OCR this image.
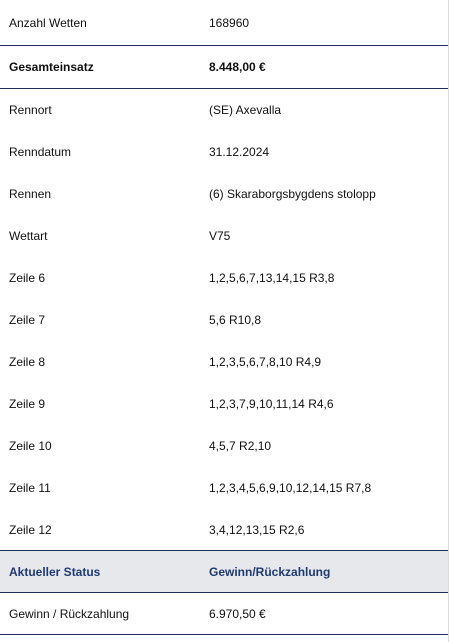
Anzahl Wetten	168960
Gesamteinsatz	8.448,00 €
Rennort	(SE) Axevalla
Renndatum	31.12.2024
Rennen	(6) Skaraborgsbygdens stolopp
Wettart	V75
Zeile 6	1,2,5,6,7,13,14,15 R3,8
Zeile 7	5,6 R10,8
Zeile 8	1,2,3,5,6,7,8,10 R4,9
Zeile 9	1,2,3,7,9,10,11,14 R4,6
Zeile 10	4,5,7 R2,10
Zeile 11	1,2,3,4,5,6,9,10,12,14,15 R7,8
Zeile 12	3,4,12,13,15 R2,6
Aktueller Status	Gewinn/Rückzahlung
Gewinn / Rückzahlung	6.970,50 €
